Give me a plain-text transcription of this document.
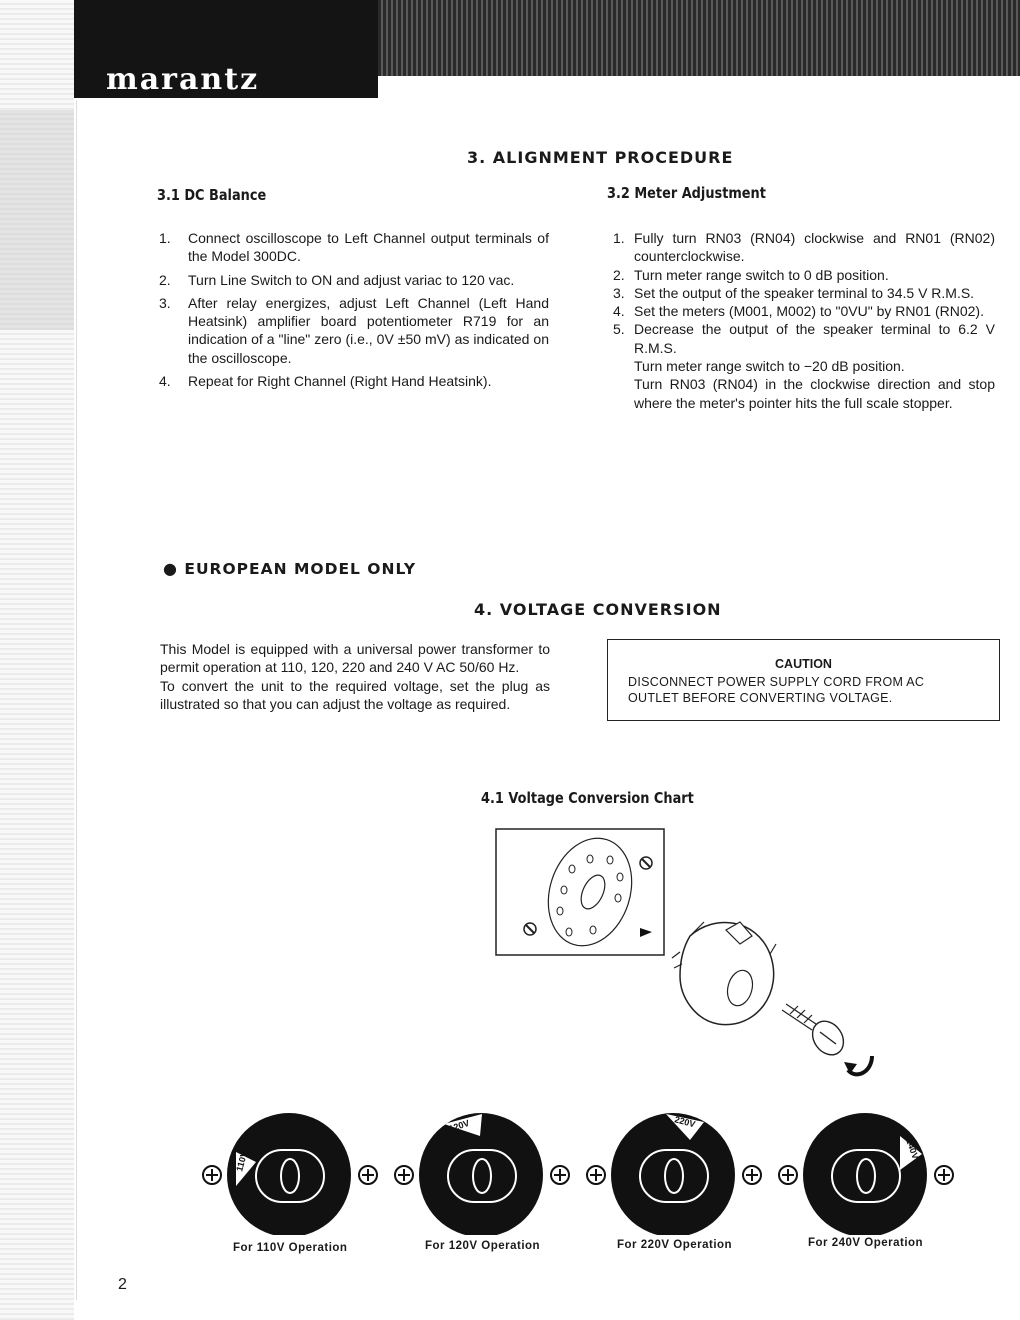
marantz
3. ALIGNMENT PROCEDURE
3.1 DC Balance	3.2 Meter Adjustment
1. Connect oscilloscope to Left Channel output terminals of the Model 300DC.
2. Turn Line Switch to ON and adjust variac to 120 vac.
3. After relay energizes, adjust Left Channel (Left Hand Heatsink) amplifier board potentiometer R719 for an indication of a "line" zero (i.e., 0V ±50 mV) as indicated on the oscilloscope.
4. Repeat for Right Channel (Right Hand Heatsink).
1. Fully turn RN03 (RN04) clockwise and RN01 (RN02) counterclockwise.
2. Turn meter range switch to 0 dB position.
3. Set the output of the speaker terminal to 34.5 V R.M.S.
4. Set the meters (M001, M002) to "0VU" by RN01 (RN02).
5. Decrease the output of the speaker terminal to 6.2 V R.M.S.
Turn meter range switch to −20 dB position.
Turn RN03 (RN04) in the clockwise direction and stop where the meter's pointer hits the full scale stopper.
● EUROPEAN MODEL ONLY
4. VOLTAGE CONVERSION
This Model is equipped with a universal power transformer to permit operation at 110, 120, 220 and 240 V AC 50/60 Hz.
To convert the unit to the required voltage, set the plug as illustrated so that you can adjust the voltage as required.
CAUTION
DISCONNECT POWER SUPPLY CORD FROM AC OUTLET BEFORE CONVERTING VOLTAGE.
4.1 Voltage Conversion Chart
110V
120V	220V
240V
For 110V Operation	For 120V Operation	For 220V Operation	For 240V Operation
2
